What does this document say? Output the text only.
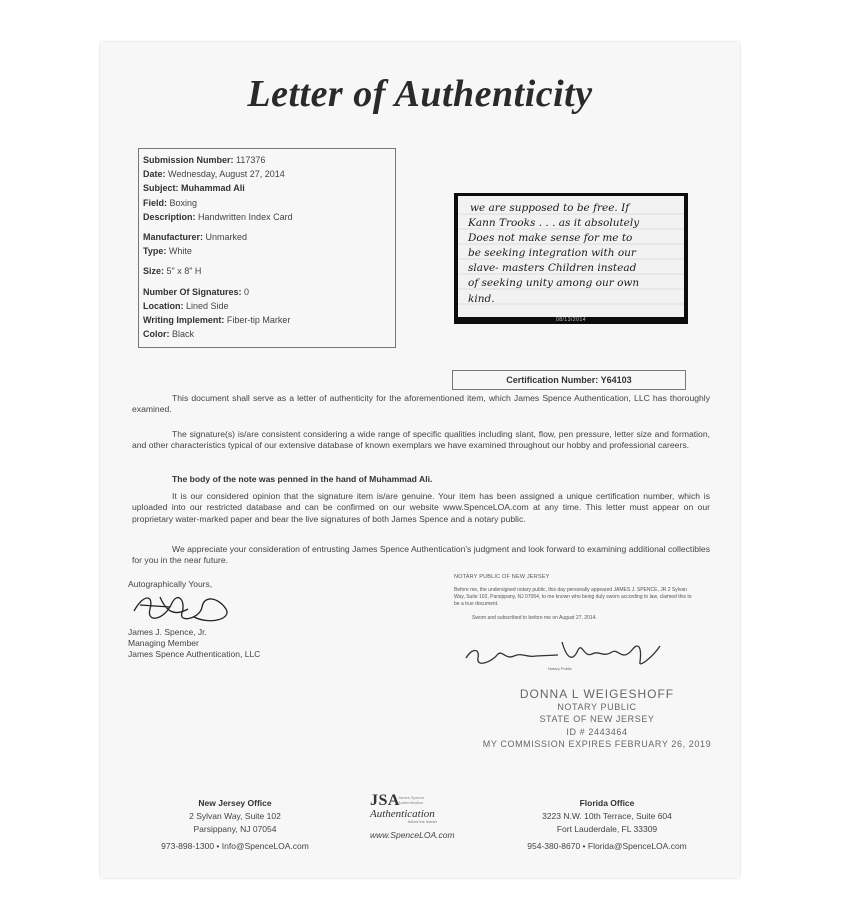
Letter of Authenticity
Submission Number: 117376
Date: Wednesday, August 27, 2014
Subject: Muhammad Ali
Field: Boxing
Description: Handwritten Index Card
Manufacturer: Unmarked
Type: White
Size: 5" x 8" H
Number Of Signatures: 0
Location: Lined Side
Writing Implement: Fiber-tip Marker
Color: Black
we are supposed to be free. If
Kann Trooks . . . as it absolutely
Does not make sense for me to
be seeking integration with our
slave- masters Children instead
of seeking unity among our own
kind.
08/13/2014
Certification Number: Y64103
This document shall serve as a letter of authenticity for the aforementioned item, which James Spence Authentication, LLC has thoroughly examined.
The signature(s) is/are consistent considering a wide range of specific qualities including slant, flow, pen pressure, letter size and formation, and other characteristics typical of our extensive database of known exemplars we have examined throughout our hobby and professional careers.
The body of the note was penned in the hand of Muhammad Ali.
It is our considered opinion that the signature item is/are genuine. Your item has been assigned a unique certification number, which is uploaded into our restricted database and can be confirmed on our website www.SpenceLOA.com at any time. This letter must appear on our proprietary water-marked paper and bear the live signatures of both James Spence and a notary public.
We appreciate your consideration of entrusting James Spence Authentication's judgment and look forward to examining additional collectibles for you in the near future.
Autographically Yours,
James J. Spence, Jr.
Managing Member
James Spence Authentication, LLC
NOTARY PUBLIC OF NEW JERSEY
Before me, the undersigned notary public, this day personally appeared JAMES J. SPENCE, JR 2 Sylvan Way, Suite 102, Parsippany, NJ 07054, to me known who being duly sworn according to law, claimed this to be a true document.
Sworn and subscribed to before me on August 27, 2014.
Notary Public
DONNA L WEIGESHOFF
NOTARY PUBLIC
STATE OF NEW JERSEY
ID # 2443464
MY COMMISSION EXPIRES FEBRUARY 26, 2019
New Jersey Office
2 Sylvan Way, Suite 102
Parsippany, NJ 07054
973-898-1300 • Info@SpenceLOA.com
JSA
James Spence
Authentication
Authentication
follow the leader
www.SpenceLOA.com
Florida Office
3223 N.W. 10th Terrace, Suite 604
Fort Lauderdale, FL 33309
954-380-8670 • Florida@SpenceLOA.com
